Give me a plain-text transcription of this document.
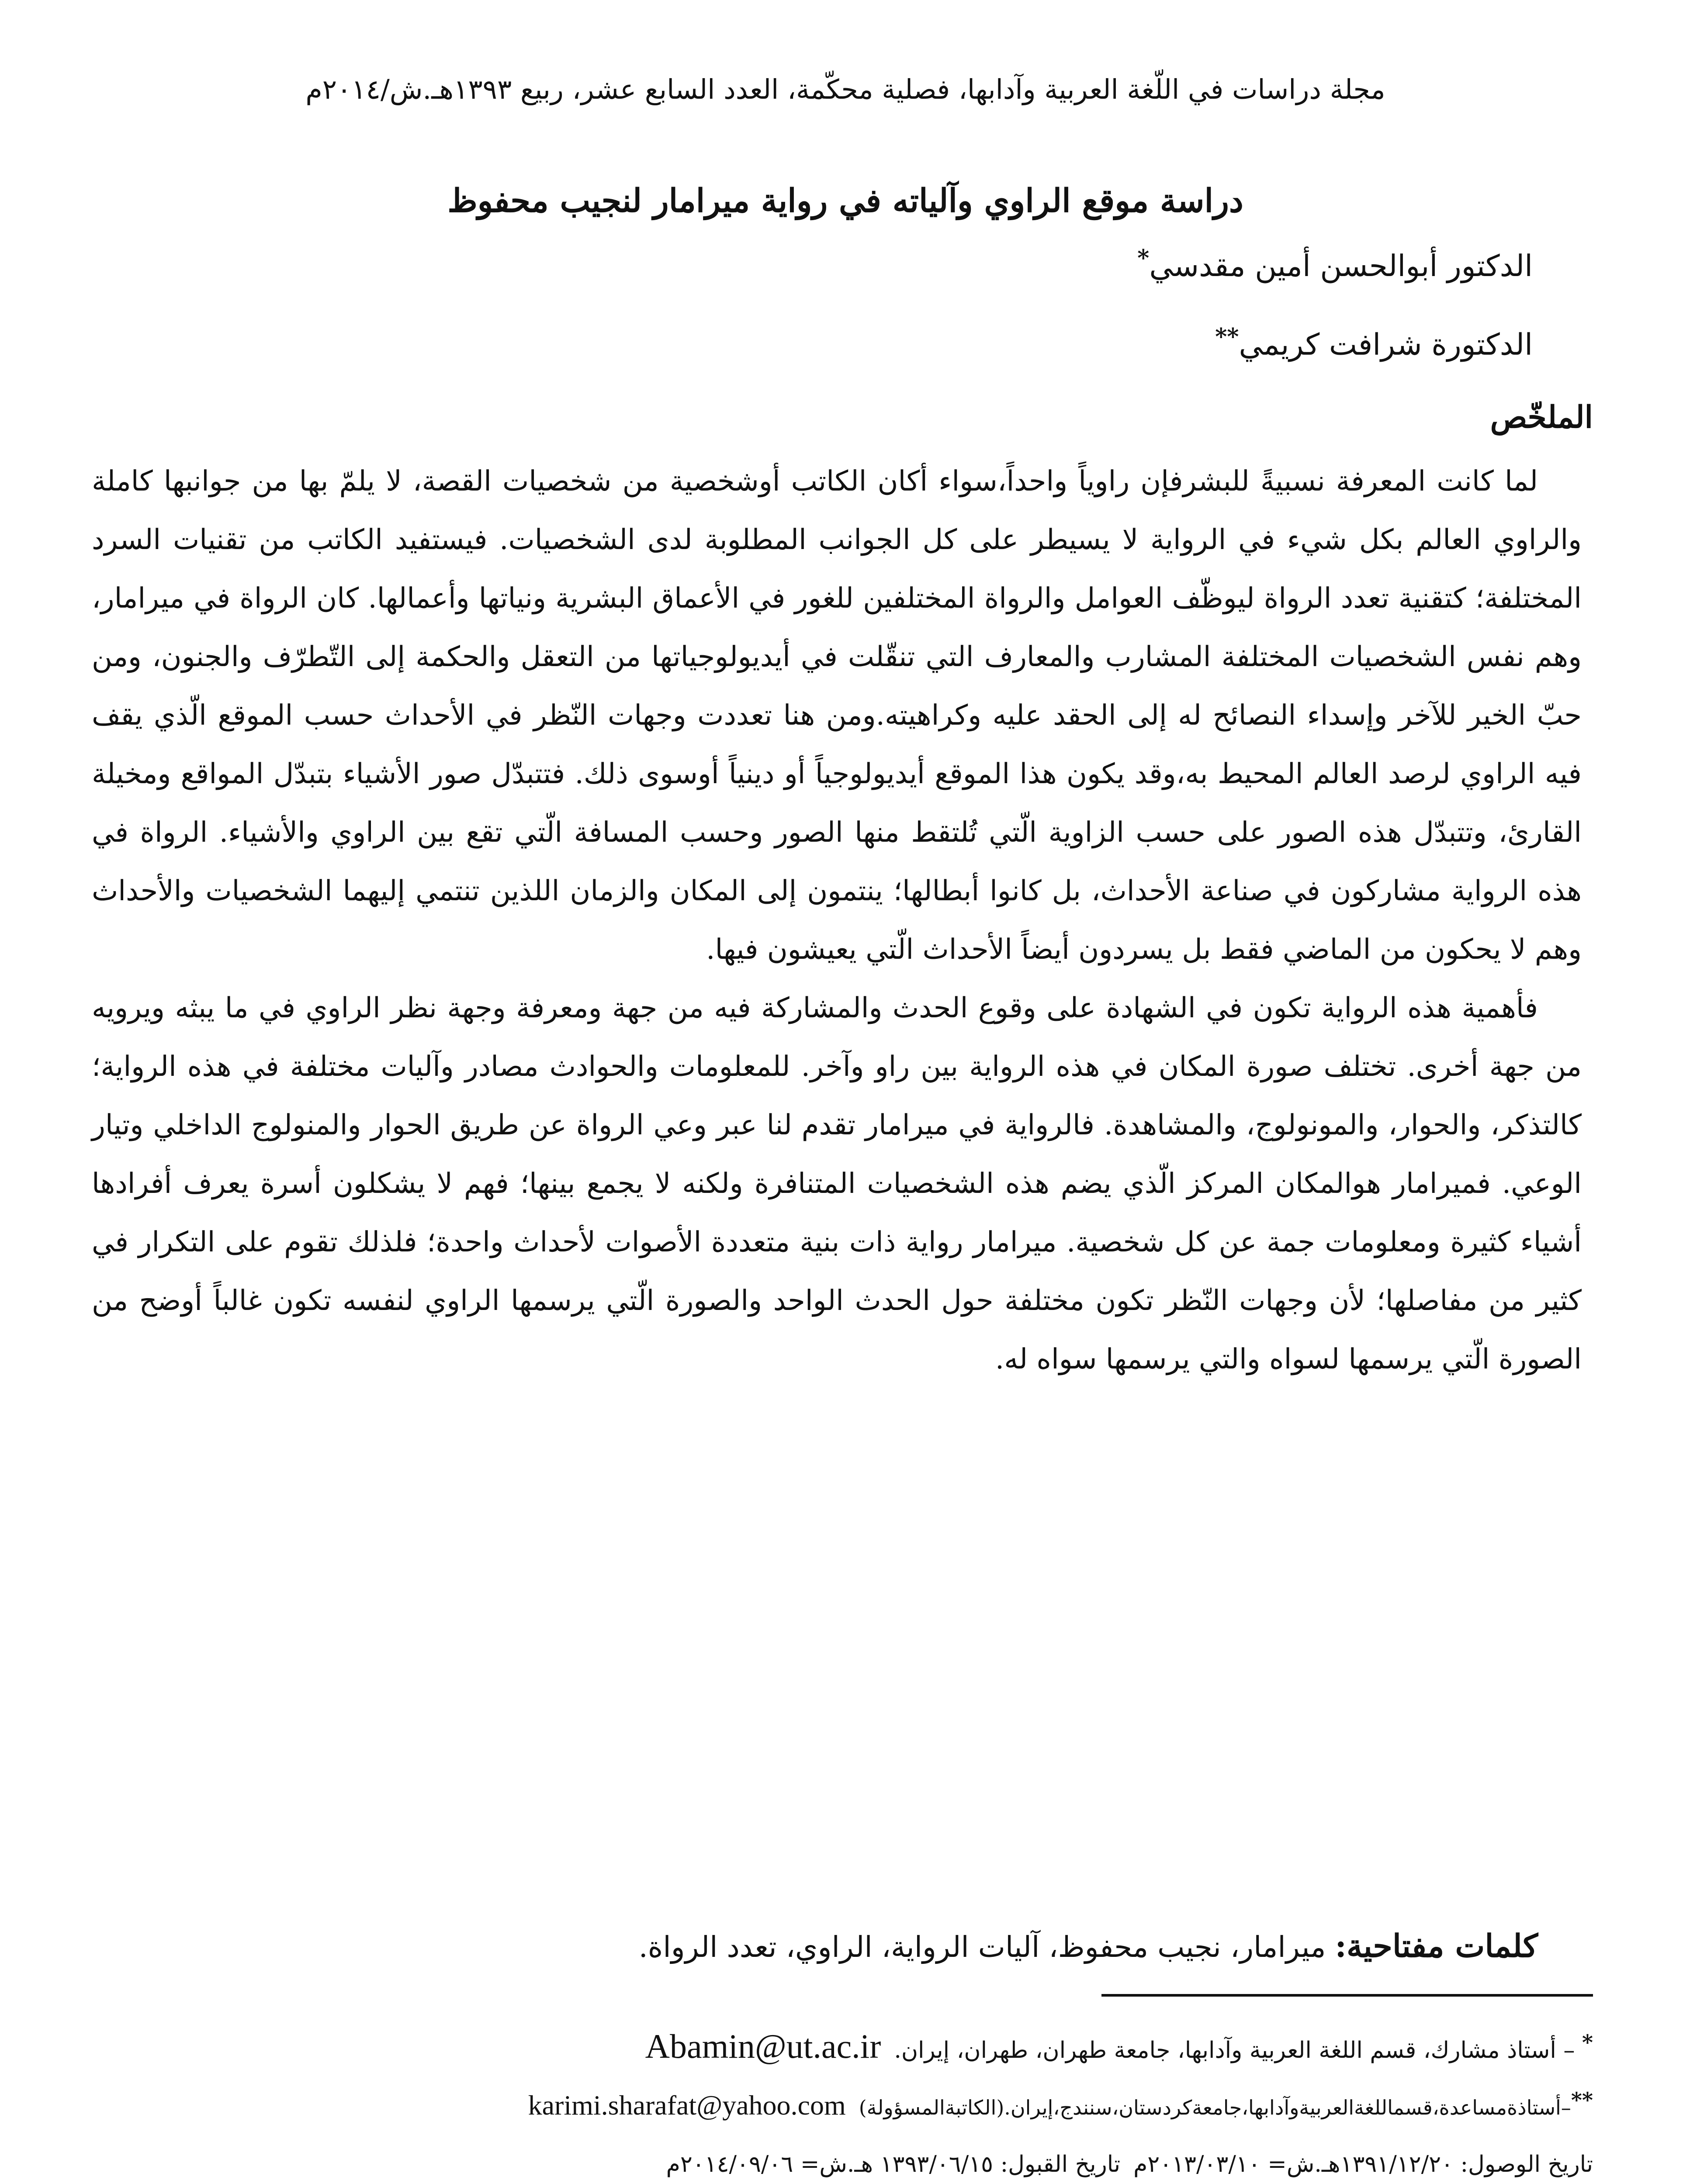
مجلة دراسات في اللّغة العربية وآدابها، فصلية محكّمة، العدد السابع عشر، ربيع ١٣٩٣هـ.ش/٢٠١٤م
دراسة موقع الراوي وآلياته في رواية ميرامار لنجيب محفوظ
الدكتور أبوالحسن أمين مقدسي*
الدكتورة شرافت كريمي**
الملخّص

لما كانت المعرفة نسبيةً للبشرفإن راوياً واحداً،سواء أكان الكاتب أوشخصية من شخصيات القصة، لا يلمّ بها من جوانبها كاملة والراوي العالم بكل شيء في الرواية لا يسيطر على كل الجوانب المطلوبة لدى الشخصيات. فيستفيد الكاتب من تقنيات السرد المختلفة؛ كتقنية تعدد الرواة ليوظّف العوامل والرواة المختلفين للغور في الأعماق البشرية ونياتها وأعمالها. كان الرواة في ميرامار، وهم نفس الشخصيات المختلفة المشارب والمعارف التي تنقّلت في أيديولوجياتها من التعقل والحكمة إلى التّطرّف والجنون، ومن حبّ الخير للآخر وإسداء النصائح له إلى الحقد عليه وكراهيته.ومن هنا تعددت وجهات النّظر في الأحداث حسب الموقع الّذي يقف فيه الراوي لرصد العالم المحيط به،وقد يكون هذا الموقع أيديولوجياً أو دينياً أوسوى ذلك. فتتبدّل صور الأشياء بتبدّل المواقع ومخيلة القارئ، وتتبدّل هذه الصور على حسب الزاوية الّتي تُلتقط منها الصور وحسب المسافة الّتي تقع بين الراوي والأشياء. الرواة في هذه الرواية مشاركون في صناعة الأحداث، بل كانوا أبطالها؛ ينتمون إلى المكان والزمان اللذين تنتمي إليهما الشخصيات والأحداث وهم لا يحكون من الماضي فقط بل يسردون أيضاً الأحداث الّتي يعيشون فيها.

فأهمية هذه الرواية تكون في الشهادة على وقوع الحدث والمشاركة فيه من جهة ومعرفة وجهة نظر الراوي في ما يبثه ويرويه من جهة أخرى. تختلف صورة المكان في هذه الرواية بين راو وآخر. للمعلومات والحوادث مصادر وآليات مختلفة في هذه الرواية؛كالتذكر، والحوار، والمونولوج، والمشاهدة. فالرواية في ميرامار تقدم لنا عبر وعي الرواة عن طريق الحوار والمنولوج الداخلي وتيار الوعي. فميرامار هوالمكان المركز الّذي يضم هذه الشخصيات المتنافرة ولكنه لا يجمع بينها؛ فهم لا يشكلون أسرة يعرف أفرادها أشياء كثيرة ومعلومات جمة عن كل شخصية. ميرامار رواية ذات بنية متعددة الأصوات لأحداث واحدة؛ فلذلك تقوم على التكرار في كثير من مفاصلها؛ لأن وجهات النّظر تكون مختلفة حول الحدث الواحد والصورة الّتي يرسمها الراوي لنفسه تكون غالباً أوضح من الصورة الّتي يرسمها لسواه والتي يرسمها سواه له.

كلمات مفتاحية: ميرامار، نجيب محفوظ، آليات الرواية، الراوي، تعدد الرواة.
* – أستاذ مشارك، قسم اللغة العربية وآدابها، جامعة طهران، طهران، إيران.
Abamin@ut.ac.ir
**–أستاذةمساعدة،قسماللغةالعربيةوآدابها،جامعةكردستان،سنندج،إيران.(الكاتبةالمسؤولة)
karimi.sharafat@yahoo.com
تاريخ الوصول: ١٣٩١/١٢/٢٠هـ.ش= ٢٠١٣/٠٣/١٠م
تاريخ القبول: ١٣٩٣/٠٦/١٥ هـ.ش= ٢٠١٤/٠٩/٠٦م
